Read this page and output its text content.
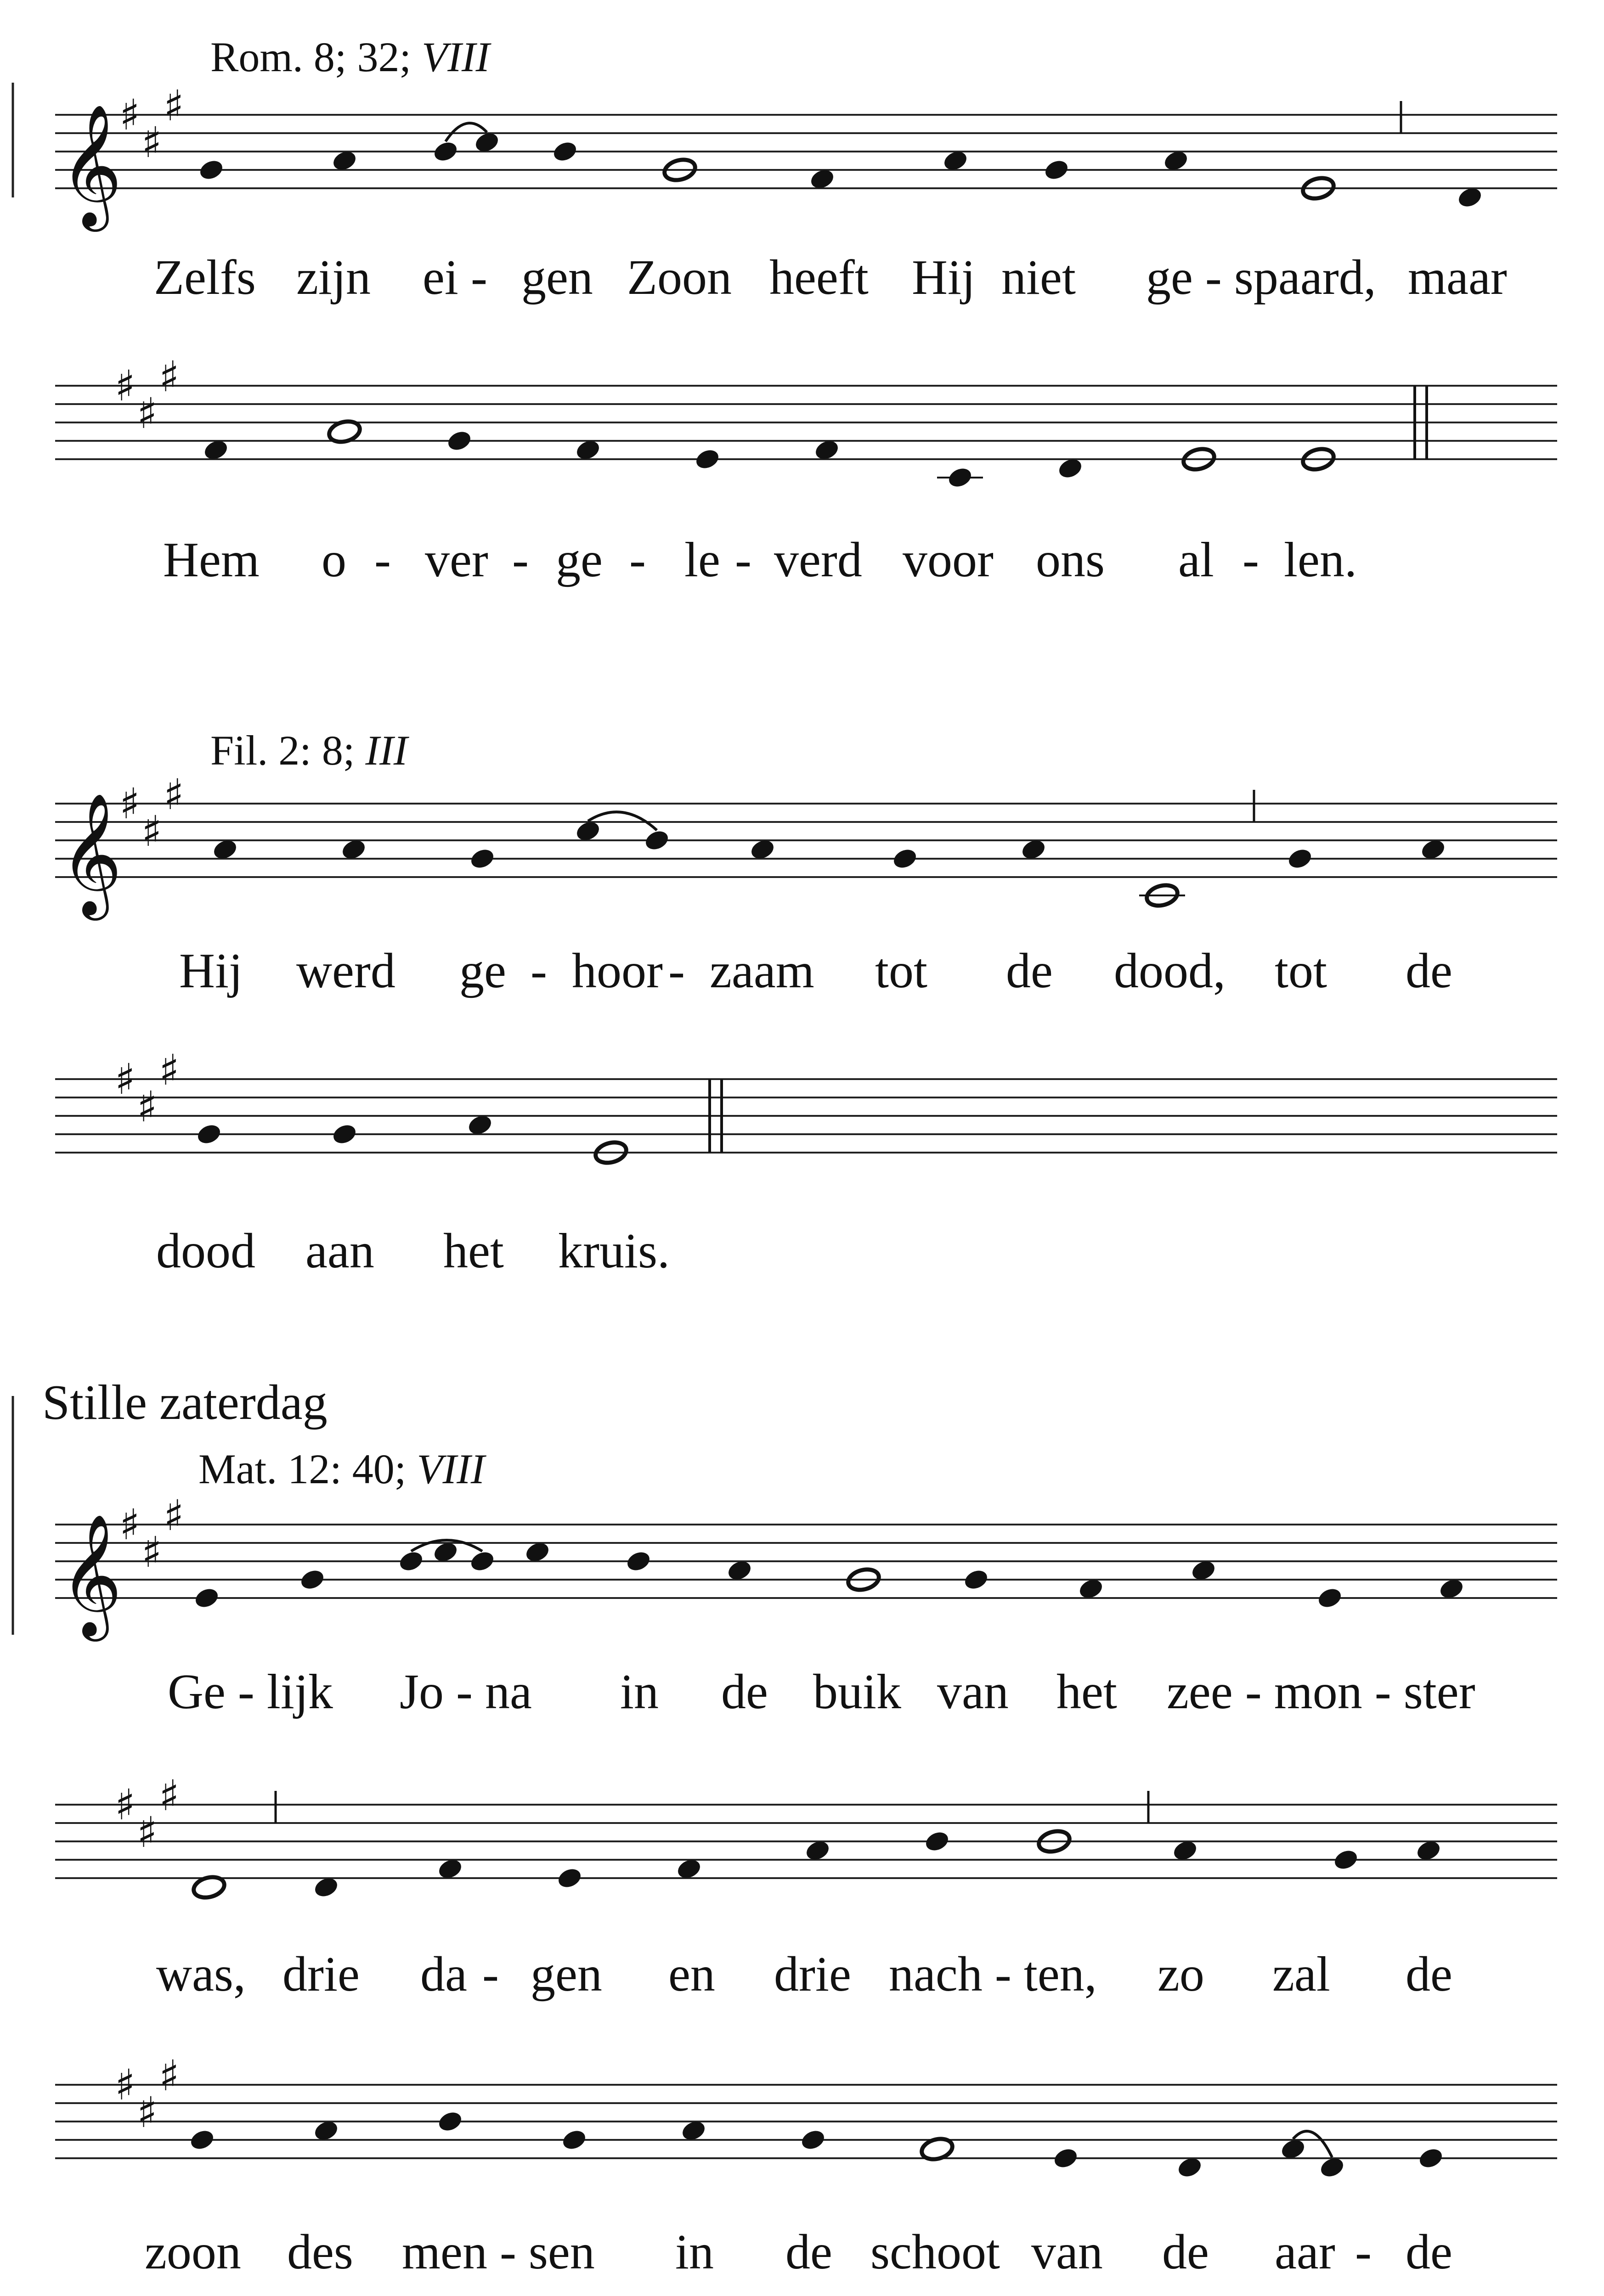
Rom. 8; 32; VIII
𝄞
♯
♯
♯
Zelfs zijn ei - gen Zoon heeft Hij niet ge - spaard, maar
♯
♯
♯
Hem o - ver - ge - le - verd voor ons al - len.
Fil. 2: 8; III
𝄞
♯
♯
♯
Hij werd ge - hoor - zaam tot de dood, tot de
♯
♯
♯
dood aan het kruis.
Stille zaterdag
Mat. 12: 40; VIII
𝄞
♯
♯
♯
Ge - lijk Jo - na in de buik van het zee - mon - ster
♯
♯
♯
was, drie da - gen en drie nach - ten, zo zal de
♯
♯
♯
zoon des men - sen in de schoot van de aar - de
